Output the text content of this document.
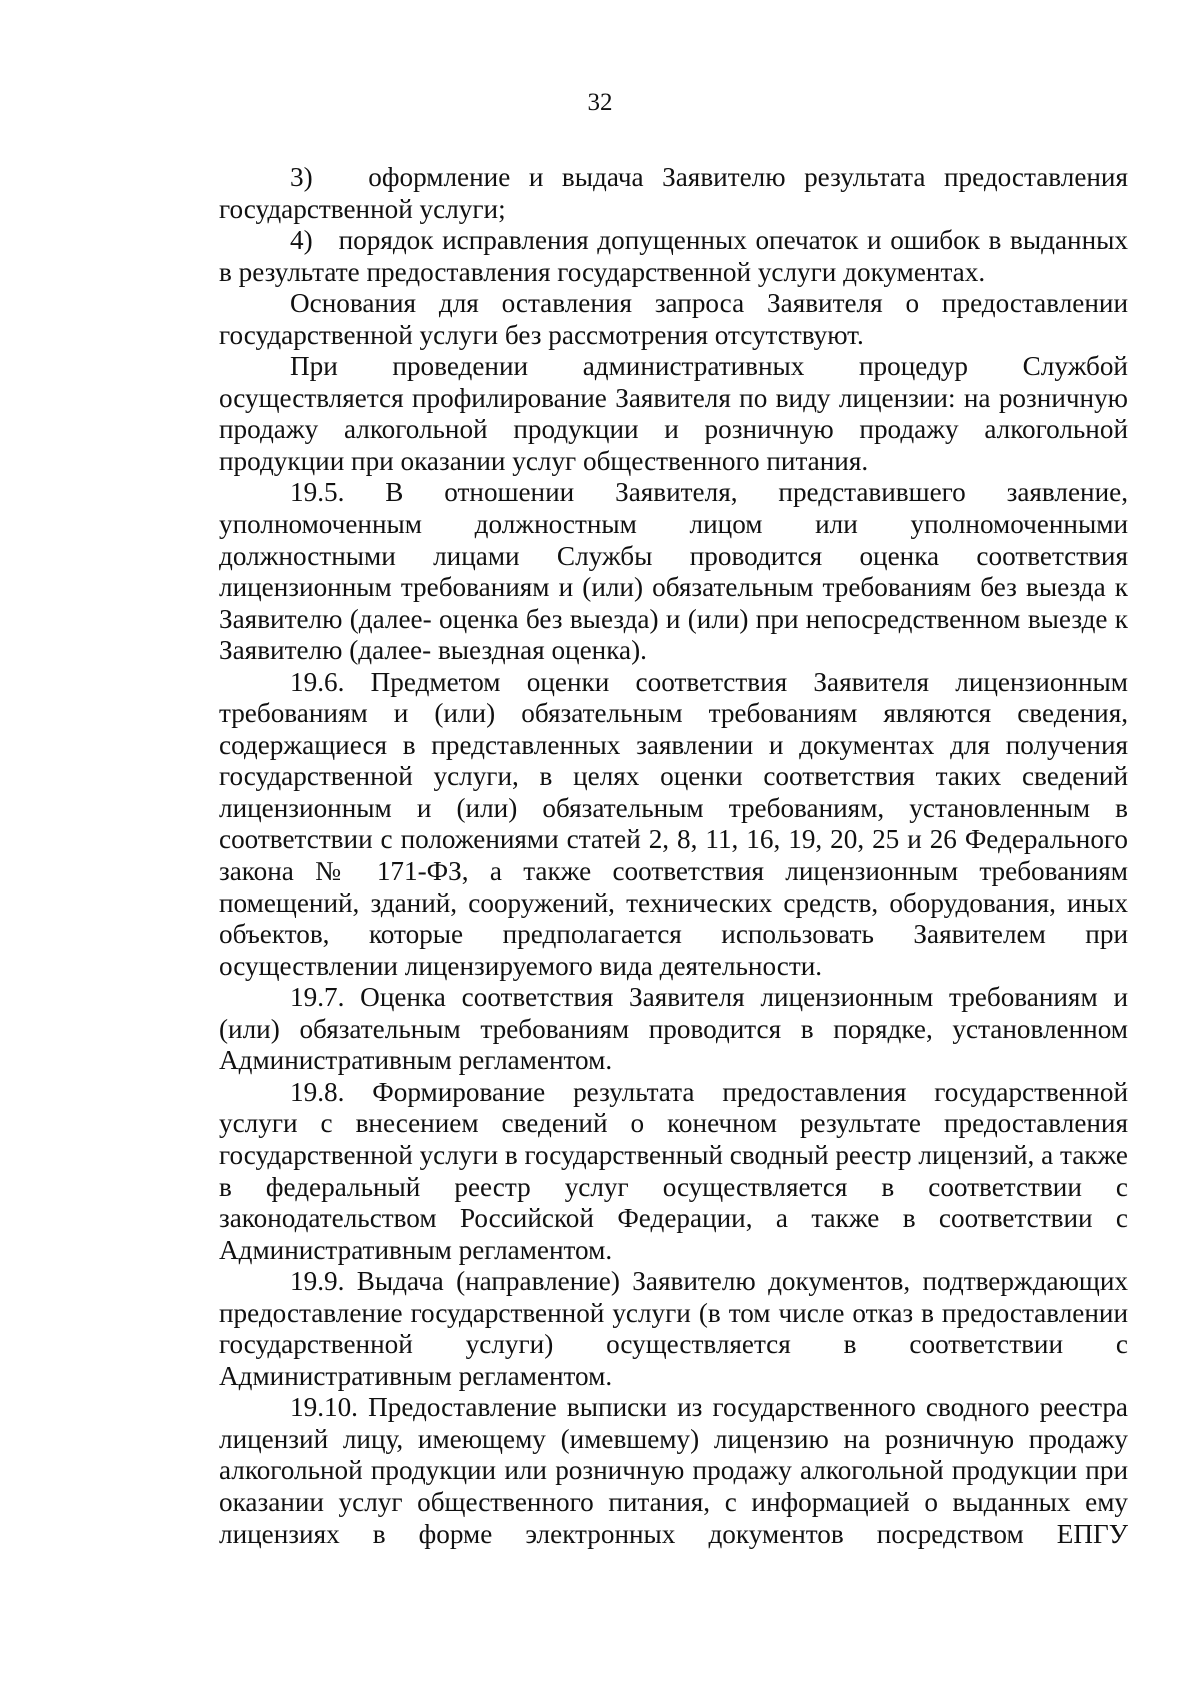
32

3)   оформление и выдача Заявителю результата предоставления государственной услуги;

4)   порядок исправления допущенных опечаток и ошибок в выданных в результате предоставления государственной услуги документах.

Основания для оставления запроса Заявителя о предоставлении государственной услуги без рассмотрения отсутствуют.

При проведении административных процедур Службой осуществляется профилирование Заявителя по виду лицензии: на розничную продажу алкогольной продукции и розничную продажу алкогольной продукции при оказании услуг общественного питания.

19.5. В отношении Заявителя, представившего заявление, уполномоченным должностным лицом или уполномоченными должностными лицами Службы проводится оценка соответствия лицензионным требованиям и (или) обязательным требованиям без выезда к Заявителю (далее- оценка без выезда) и (или) при непосредственном выезде к Заявителю (далее- выездная оценка).

19.6. Предметом оценки соответствия Заявителя лицензионным требованиям и (или) обязательным требованиям являются сведения, содержащиеся в представленных заявлении и документах для получения государственной услуги, в целях оценки соответствия таких сведений лицензионным и (или) обязательным требованиям, установленным в соответствии с положениями статей 2, 8, 11, 16, 19, 20, 25 и 26 Федерального закона № 171-ФЗ, а также соответствия лицензионным требованиям помещений, зданий, сооружений, технических средств, оборудования, иных объектов, которые предполагается использовать Заявителем при осуществлении лицензируемого вида деятельности.

19.7. Оценка соответствия Заявителя лицензионным требованиям и (или) обязательным требованиям проводится в порядке, установленном Административным регламентом.

19.8. Формирование результата предоставления государственной услуги с внесением сведений о конечном результате предоставления государственной услуги в государственный сводный реестр лицензий, а также в федеральный реестр услуг осуществляется в соответствии с законодательством Российской Федерации, а также в соответствии с Административным регламентом.

19.9. Выдача (направление) Заявителю документов, подтверждающих предоставление государственной услуги (в том числе отказ в предоставлении государственной услуги) осуществляется в соответствии с Административным регламентом.

19.10. Предоставление выписки из государственного сводного реестра лицензий лицу, имеющему (имевшему) лицензию на розничную продажу алкогольной продукции или розничную продажу алкогольной продукции при оказании услуг общественного питания, с информацией о выданных ему лицензиях в форме электронных документов посредством ЕПГУ
